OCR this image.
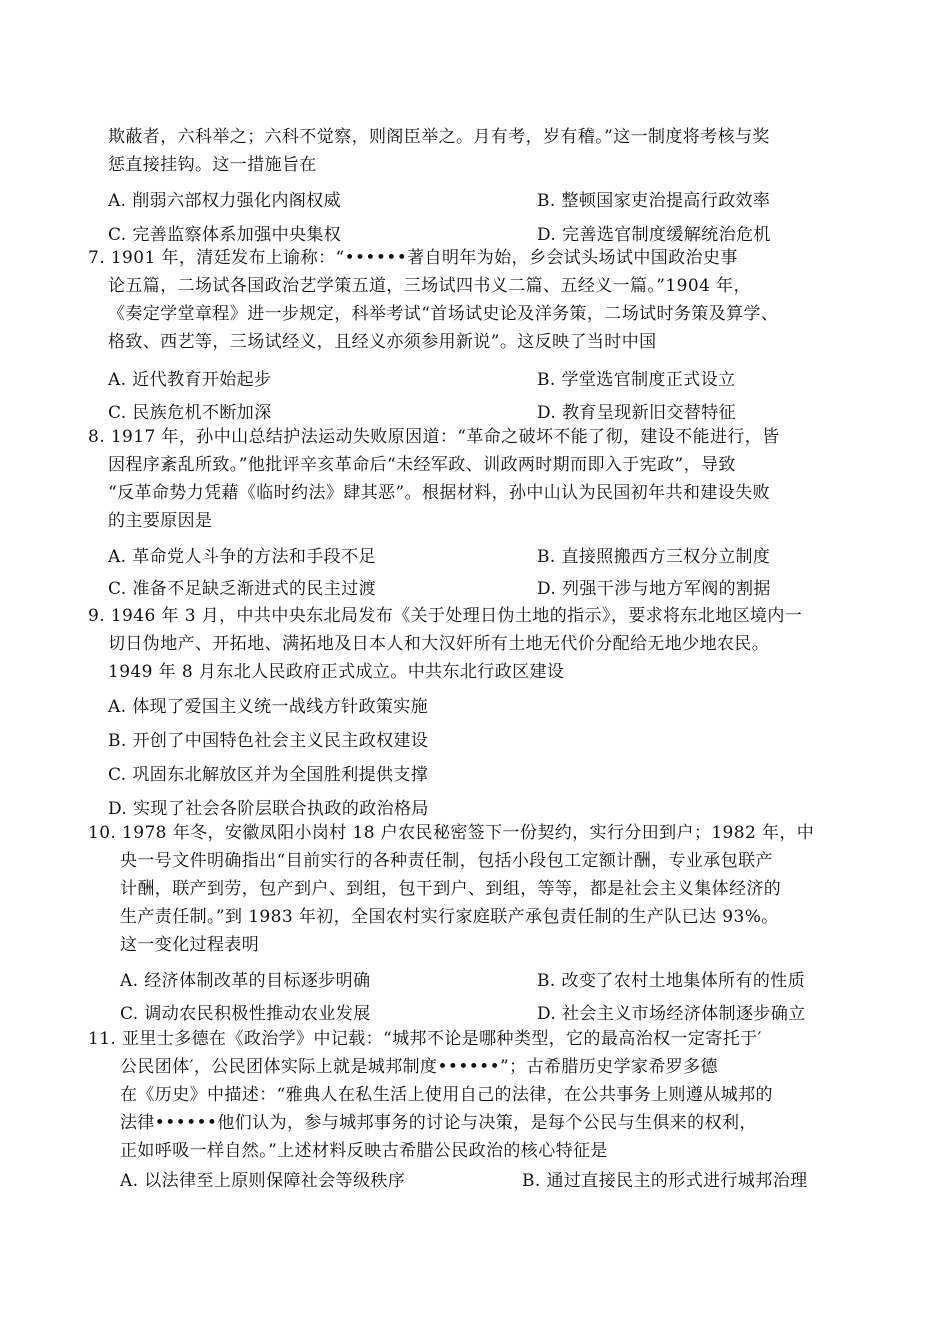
欺蔽者，六科举之；六科不觉察，则阁臣举之。月有考，岁有稽。”这一制度将考核与奖
惩直接挂钩。这一措施旨在
A. 削弱六部权力强化内阁权威	B. 整顿国家吏治提高行政效率
C. 完善监察体系加强中央集权	D. 完善选官制度缓解统治危机
7. 1901 年，清廷发布上谕称：“••••••著自明年为始，乡会试头场试中国政治史事
论五篇，二场试各国政治艺学策五道，三场试四书义二篇、五经义一篇。”1904 年，
《奏定学堂章程》进一步规定，科举考试“首场试史论及洋务策，二场试时务策及算学、
格致、西艺等，三场试经义，且经义亦须参用新说”。这反映了当时中国
A. 近代教育开始起步	B. 学堂选官制度正式设立
C. 民族危机不断加深	D. 教育呈现新旧交替特征
8. 1917 年，孙中山总结护法运动失败原因道：“革命之破坏不能了彻，建设不能进行，皆
因程序紊乱所致。”他批评辛亥革命后“未经军政、训政两时期而即入于宪政”，导致
“反革命势力凭藉《临时约法》肆其恶”。根据材料，孙中山认为民国初年共和建设失败
的主要原因是
A. 革命党人斗争的方法和手段不足	B. 直接照搬西方三权分立制度
C. 准备不足缺乏渐进式的民主过渡	D. 列强干涉与地方军阀的割据
9. 1946 年 3 月，中共中央东北局发布《关于处理日伪土地的指示》，要求将东北地区境内一
切日伪地产、开拓地、满拓地及日本人和大汉奸所有土地无代价分配给无地少地农民。
1949 年 8 月东北人民政府正式成立。中共东北行政区建设
A. 体现了爱国主义统一战线方针政策实施
B. 开创了中国特色社会主义民主政权建设
C. 巩固东北解放区并为全国胜利提供支撑
D. 实现了社会各阶层联合执政的政治格局
10. 1978 年冬，安徽凤阳小岗村 18 户农民秘密签下一份契约，实行分田到户；1982 年，中
央一号文件明确指出“目前实行的各种责任制，包括小段包工定额计酬，专业承包联产
计酬，联产到劳，包产到户、到组，包干到户、到组，等等，都是社会主义集体经济的
生产责任制。”到 1983 年初，全国农村实行家庭联产承包责任制的生产队已达 93%。
这一变化过程表明
A. 经济体制改革的目标逐步明确	B. 改变了农村土地集体所有的性质
C. 调动农民积极性推动农业发展	D. 社会主义市场经济体制逐步确立
11. 亚里士多德在《政治学》中记载：“城邦不论是哪种类型，它的最高治权一定寄托于′
公民团体′，公民团体实际上就是城邦制度••••••”；古希腊历史学家希罗多德
在《历史》中描述：“雅典人在私生活上使用自己的法律，在公共事务上则遵从城邦的
法律••••••他们认为，参与城邦事务的讨论与决策，是每个公民与生俱来的权利，
正如呼吸一样自然。”上述材料反映古希腊公民政治的核心特征是
A. 以法律至上原则保障社会等级秩序	B. 通过直接民主的形式进行城邦治理
